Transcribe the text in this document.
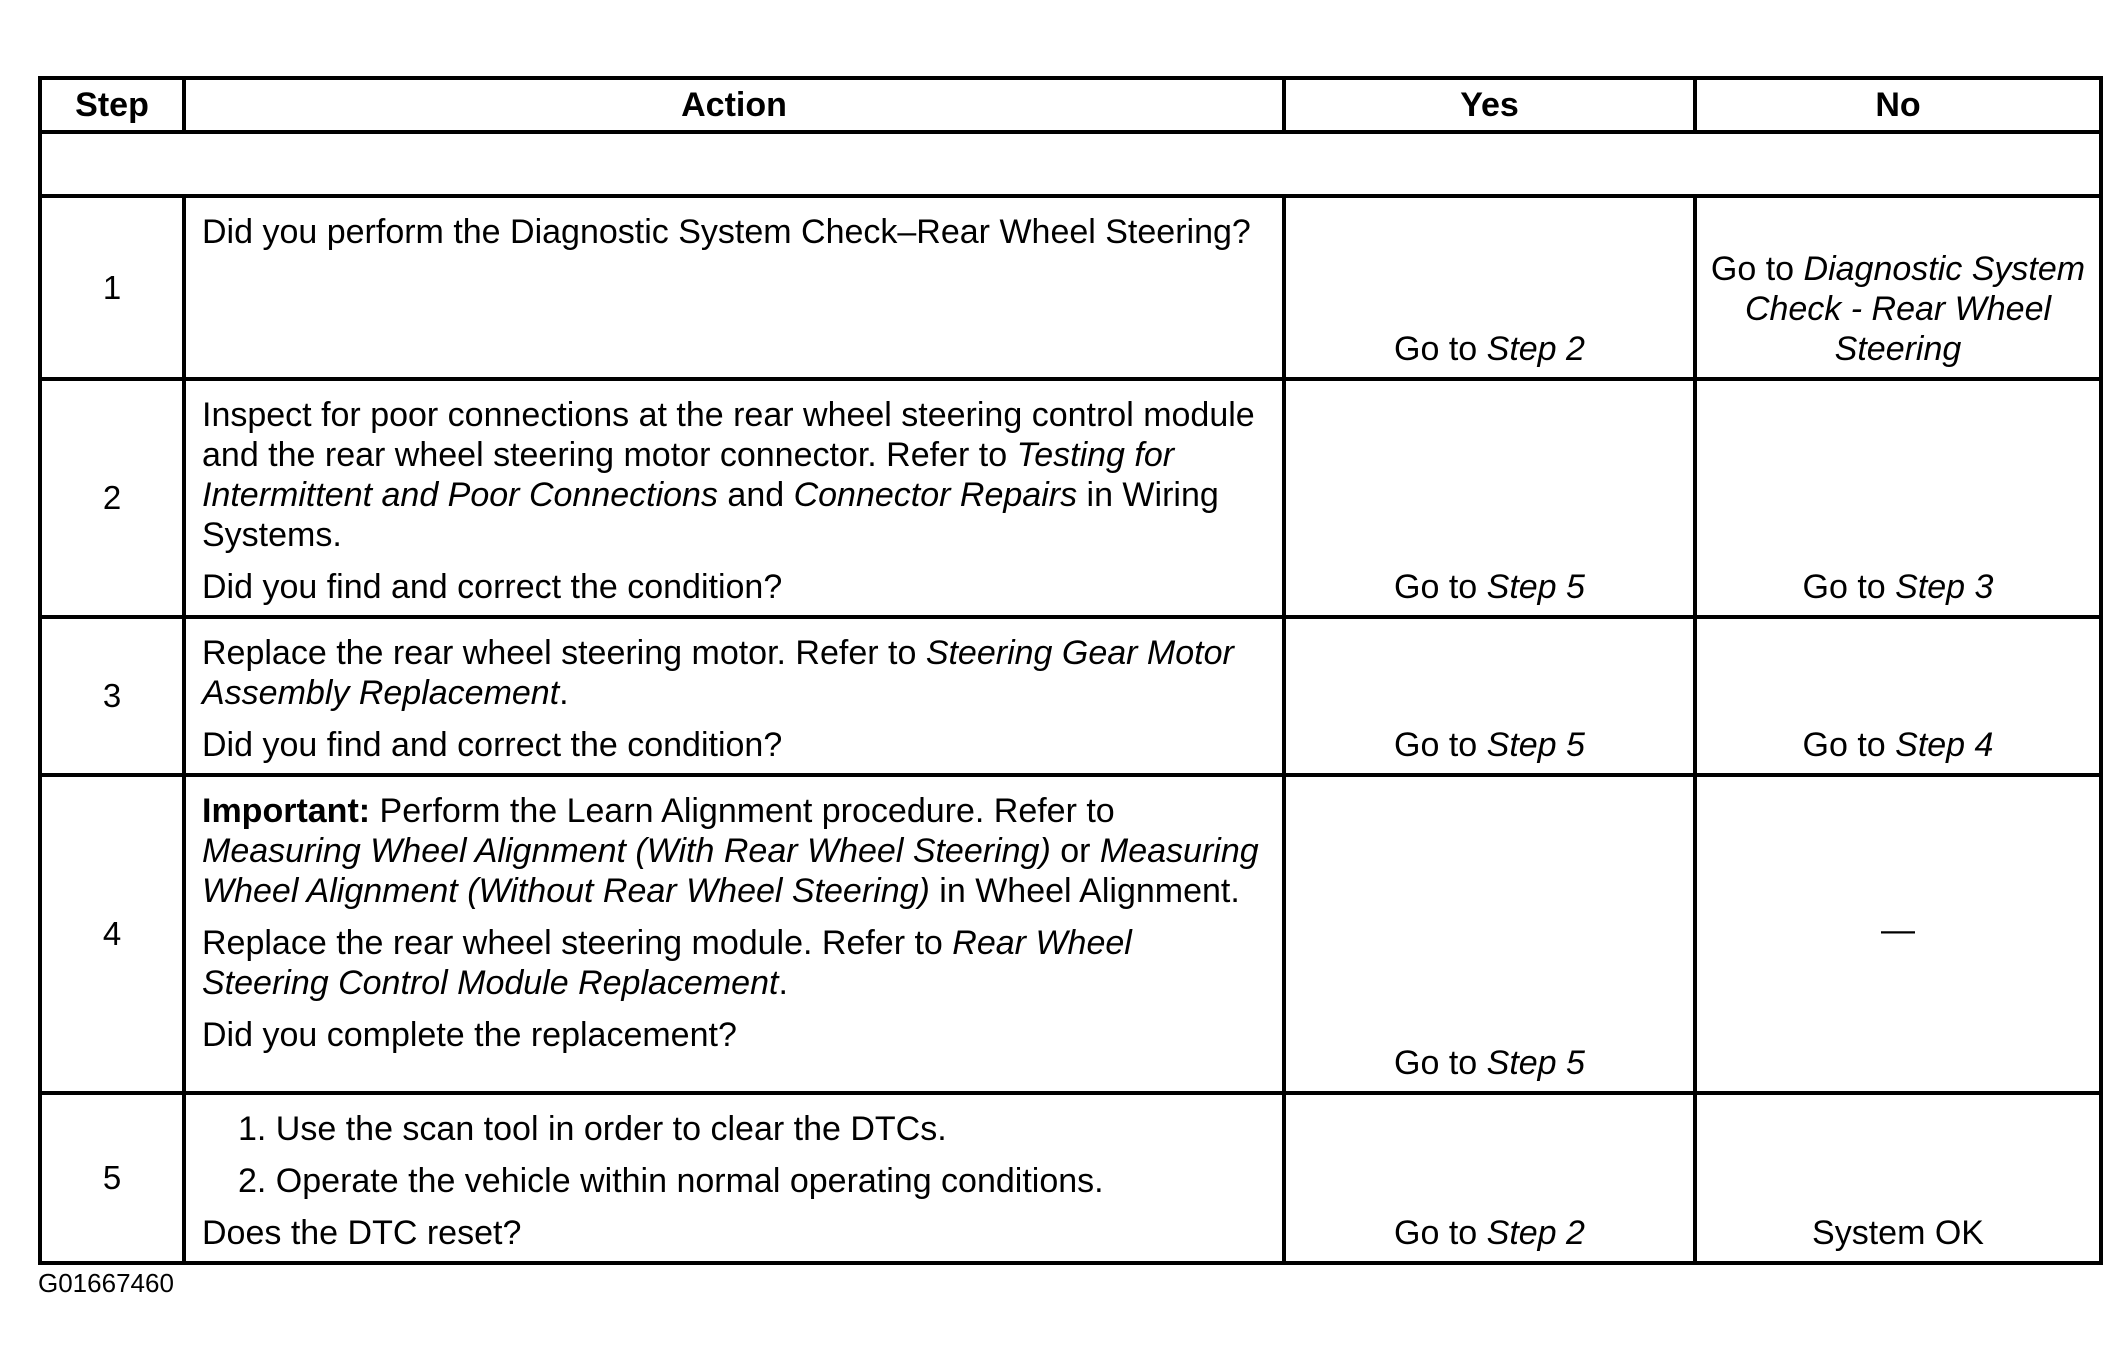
Step	Action	Yes	No

1	Did you perform the Diagnostic System Check–Rear Wheel Steering?	Go to Step 2	Go to Diagnostic System Check - Rear Wheel Steering
2	Inspect for poor connections at the rear wheel steering control module and the rear wheel steering motor connector. Refer to Testing for Intermittent and Poor Connections and Connector Repairs in Wiring Systems.

Did you find and correct the condition?	Go to Step 5	Go to Step 3
3	Replace the rear wheel steering motor. Refer to Steering Gear Motor Assembly Replacement.

Did you find and correct the condition?	Go to Step 5	Go to Step 4
4	Important: Perform the Learn Alignment procedure. Refer to Measuring Wheel Alignment (With Rear Wheel Steering) or Measuring Wheel Alignment (Without Rear Wheel Steering) in Wheel Alignment.

Replace the rear wheel steering module. Refer to Rear Wheel Steering Control Module Replacement.

Did you complete the replacement?	Go to Step 5	—
5	1. Use the scan tool in order to clear the DTCs.

2. Operate the vehicle within normal operating conditions.

Does the DTC reset?	Go to Step 2	System OK
G01667460
